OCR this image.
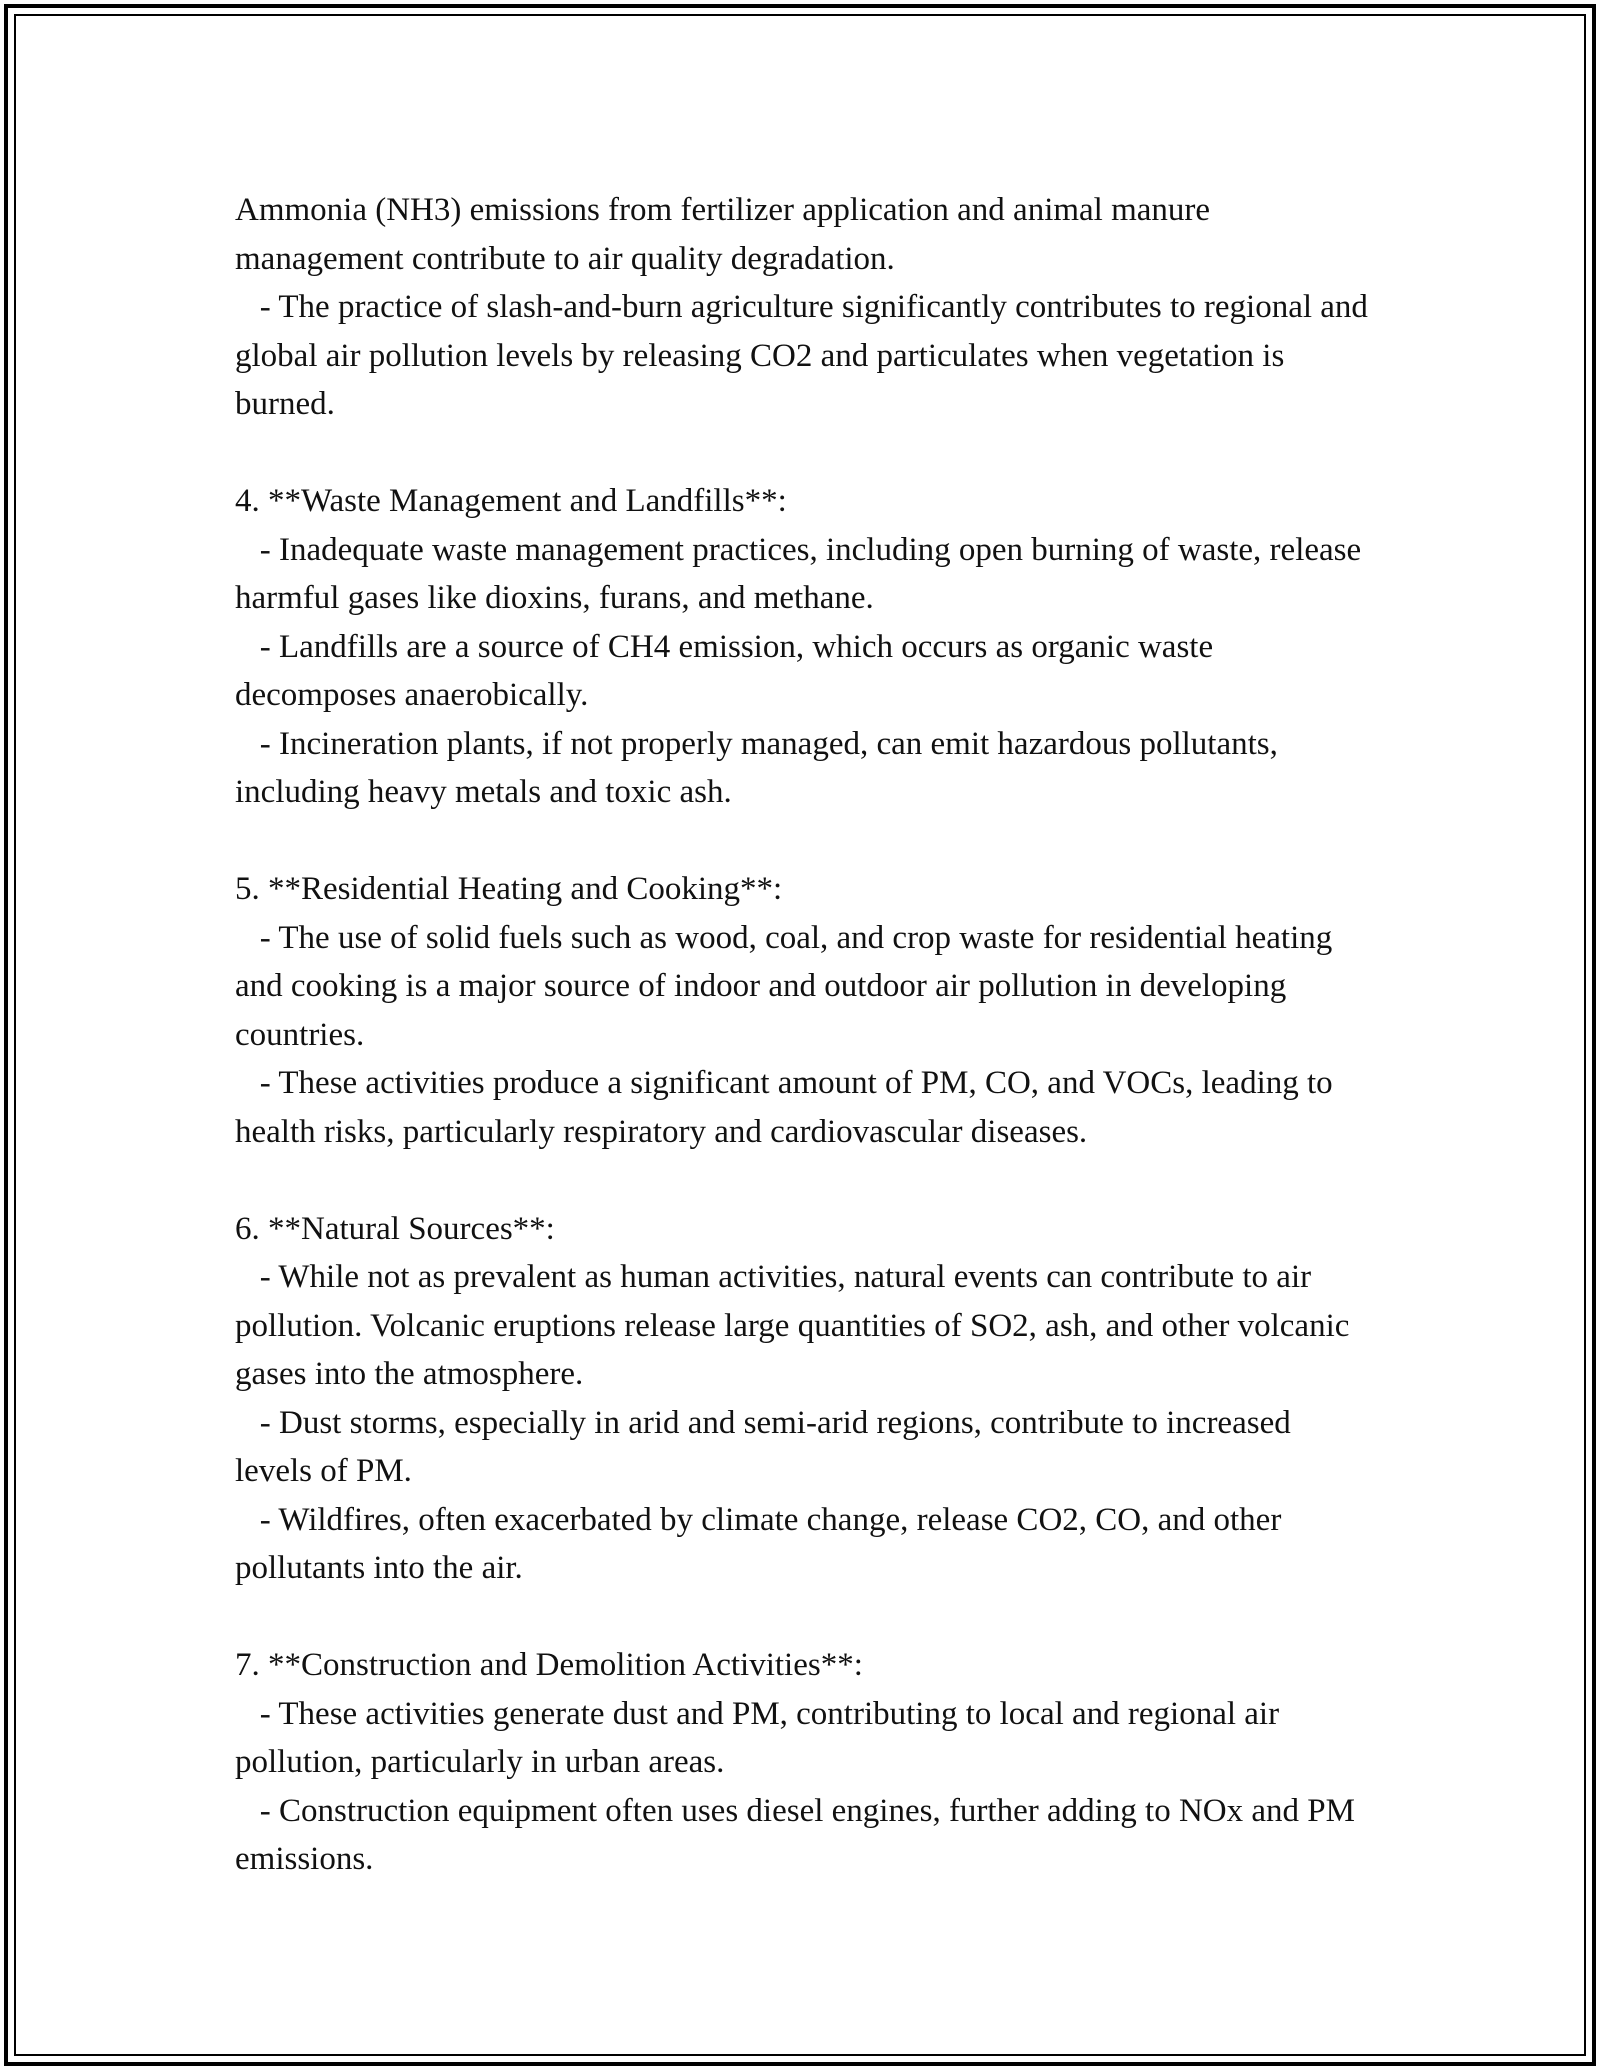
Ammonia (NH3) emissions from fertilizer application and animal manure management contribute to air quality degradation.

- The practice of slash-and-burn agriculture significantly contributes to regional and global air pollution levels by releasing CO2 and particulates when vegetation is burned.

4. **Waste Management and Landfills**:

- Inadequate waste management practices, including open burning of waste, release harmful gases like dioxins, furans, and methane.

- Landfills are a source of CH4 emission, which occurs as organic waste decomposes anaerobically.

- Incineration plants, if not properly managed, can emit hazardous pollutants, including heavy metals and toxic ash.

5. **Residential Heating and Cooking**:

- The use of solid fuels such as wood, coal, and crop waste for residential heating and cooking is a major source of indoor and outdoor air pollution in developing countries.

- These activities produce a significant amount of PM, CO, and VOCs, leading to health risks, particularly respiratory and cardiovascular diseases.

6. **Natural Sources**:

- While not as prevalent as human activities, natural events can contribute to air pollution. Volcanic eruptions release large quantities of SO2, ash, and other volcanic gases into the atmosphere.

- Dust storms, especially in arid and semi-arid regions, contribute to increased levels of PM.

- Wildfires, often exacerbated by climate change, release CO2, CO, and other pollutants into the air.

7. **Construction and Demolition Activities**:

- These activities generate dust and PM, contributing to local and regional air pollution, particularly in urban areas.

- Construction equipment often uses diesel engines, further adding to NOx and PM emissions.
